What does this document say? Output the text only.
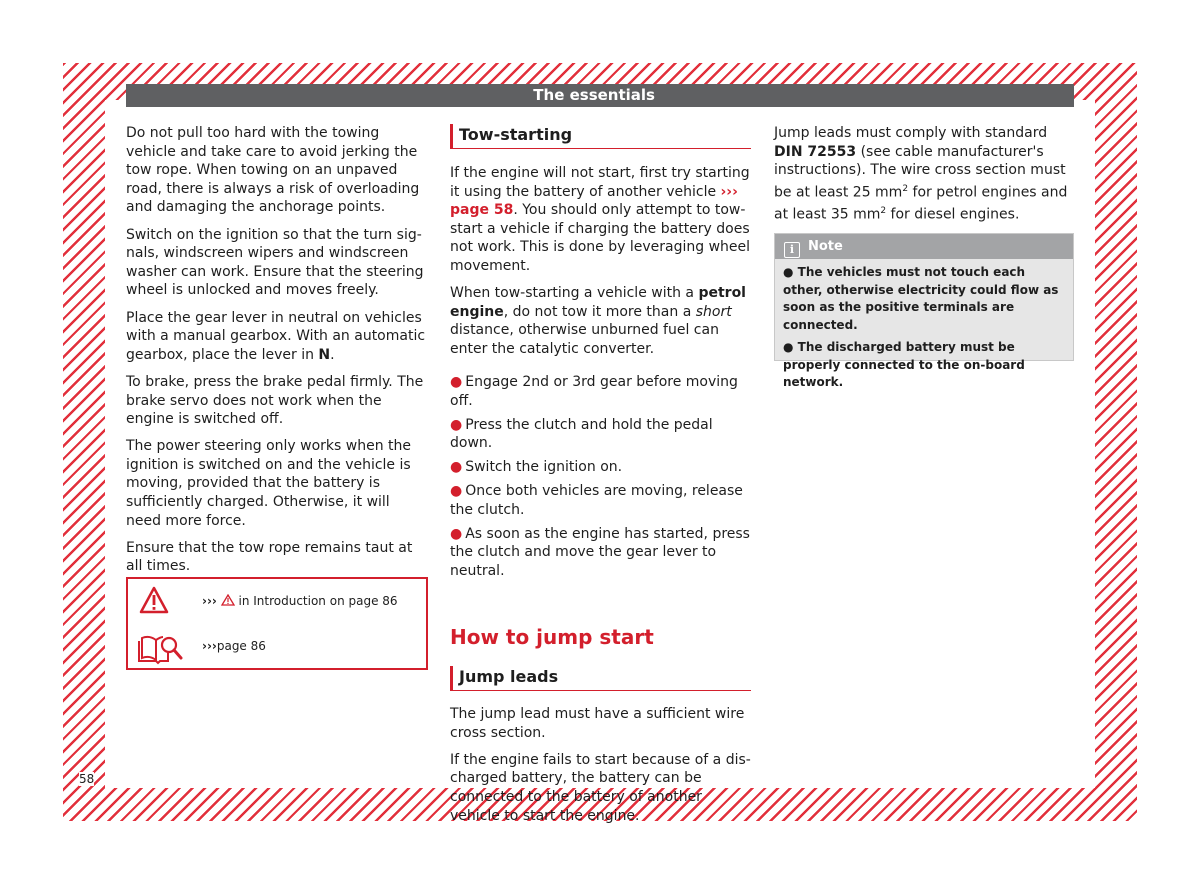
The essentials

Do not pull too hard with the towing vehicle and take care to avoid jerking the tow rope. When towing on an unpaved road, there is always a risk of overloading and damaging the anchorage points.

Switch on the ignition so that the turn signals, windscreen wipers and windscreen washer can work. Ensure that the steering wheel is unlocked and moves freely.

Place the gear lever in neutral on vehicles with a manual gearbox. With an automatic gearbox, place the lever in N.

To brake, press the brake pedal firmly. The brake servo does not work when the engine is switched off.

The power steering only works when the ignition is switched on and the vehicle is moving, provided that the battery is sufficiently charged. Otherwise, it will need more force.

Ensure that the tow rope remains taut at all times.

›››  in Introduction on page 86
›››page 86
Tow-starting

If the engine will not start, first try starting it using the battery of another vehicle ››› page 58. You should only attempt to tow-start a vehicle if charging the battery does not work. This is done by leveraging wheel movement.

When tow-starting a vehicle with a petrol engine, do not tow it more than a short distance, otherwise unburned fuel can enter the catalytic converter.

● Engage 2nd or 3rd gear before moving off.
● Press the clutch and hold the pedal down.
● Switch the ignition on.
● Once both vehicles are moving, release the clutch.
● As soon as the engine has started, press the clutch and move the gear lever to neutral.
How to jump start
Jump leads

The jump lead must have a sufficient wire cross section.

If the engine fails to start because of a discharged battery, the battery can be connected to the battery of another vehicle to start the engine.

Jump leads must comply with standard DIN 72553 (see cable manufacturer's instructions). The wire cross section must be at least 25 $mm^2$ for petrol engines and at least 35 $mm^2$ for diesel engines.

i Note

● The vehicles must not touch each other, otherwise electricity could flow as soon as the positive terminals are connected.

● The discharged battery must be properly connected to the on-board network.

58
